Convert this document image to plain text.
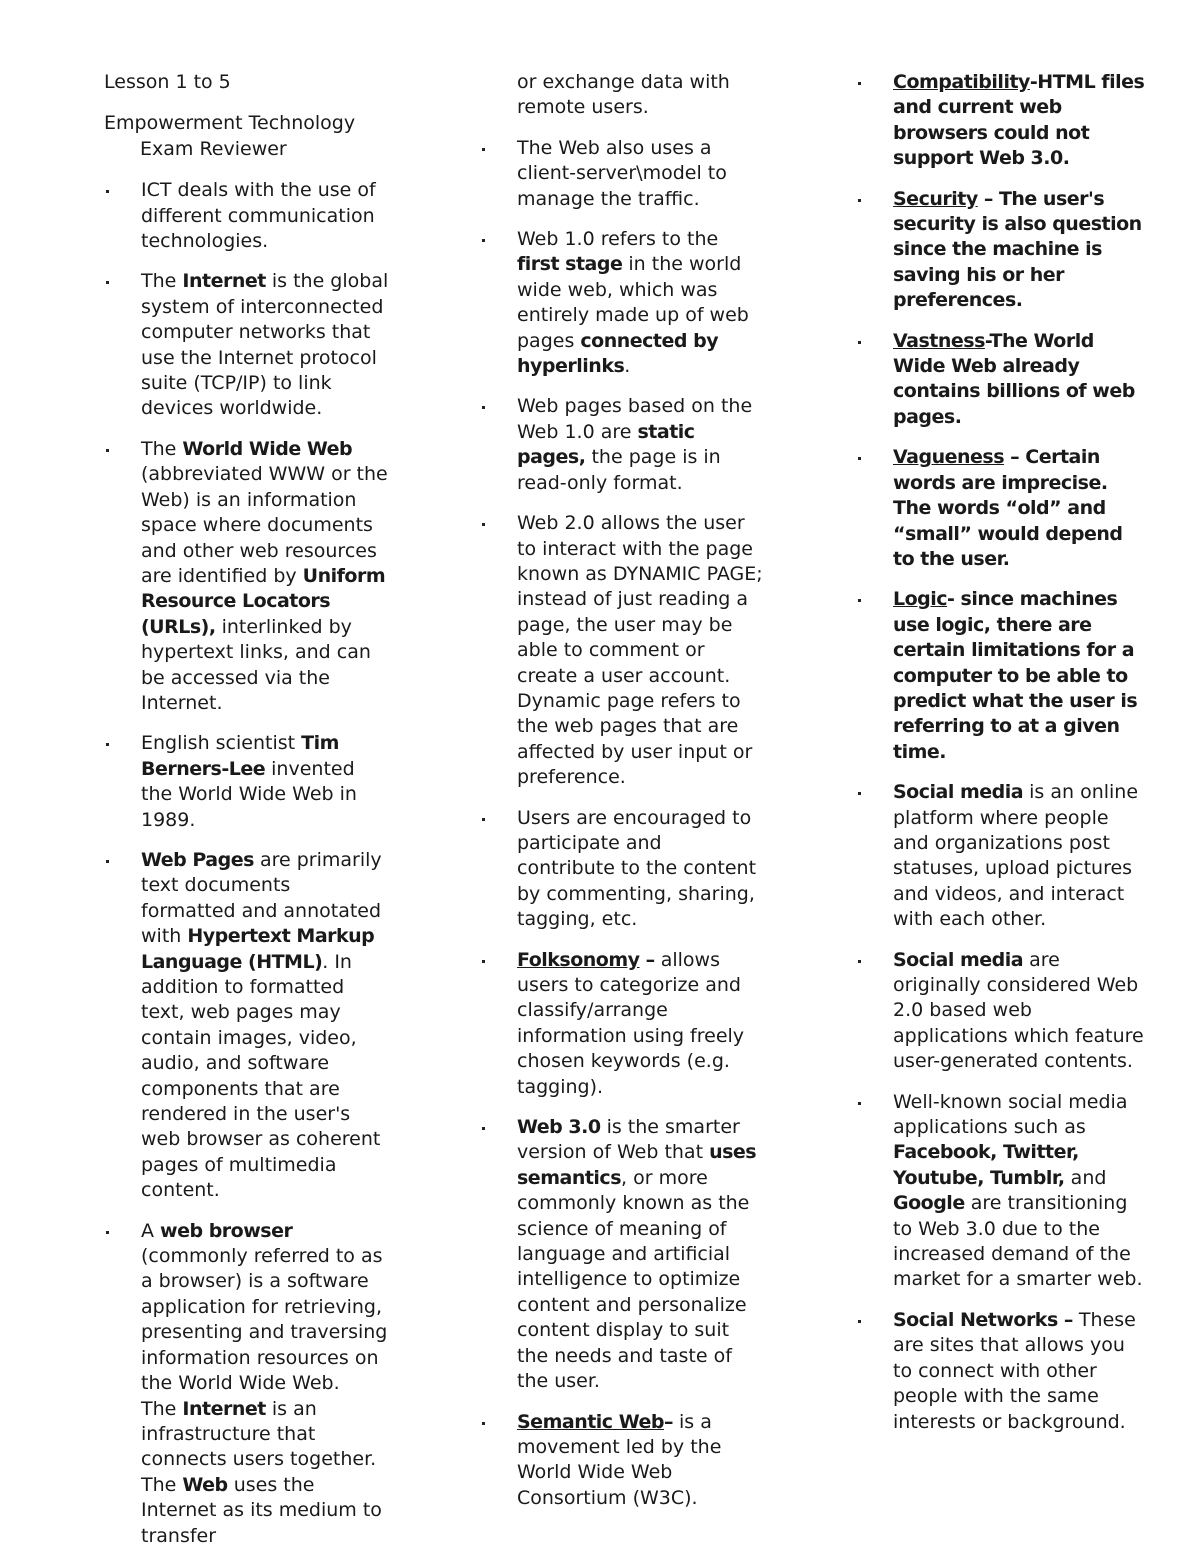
Lesson 1 to 5

Empowerment Technology
Exam Reviewer

ICT deals with the use of different communication technologies.
The Internet is the global system of interconnected computer networks that use the Internet protocol suite (TCP/IP) to link devices worldwide.
The World Wide Web (abbreviated WWW or the Web) is an information space where documents and other web resources are identified by Uniform Resource Locators (URLs), interlinked by hypertext links, and can be accessed via the Internet.
English scientist Tim Berners-Lee invented the World Wide Web in 1989.
Web Pages are primarily text documents formatted and annotated with Hypertext Markup Language (HTML). In addition to formatted text, web pages may contain images, video, audio, and software components that are rendered in the user's web browser as coherent pages of multimedia content.
A web browser (commonly referred to as a browser) is a software application for retrieving, presenting and traversing information resources on the World Wide Web.
The Internet is an infrastructure that connects users together. The Web uses the Internet as its medium to transfer

or exchange data with remote users.

The Web also uses a client-server\model to manage the traffic.
Web 1.0 refers to the first stage in the world wide web, which was entirely made up of web pages connected by hyperlinks.
Web pages based on the Web 1.0 are static pages, the page is in read-only format.
Web 2.0 allows the user to interact with the page known as DYNAMIC PAGE; instead of just reading a page, the user may be able to comment or create a user account. Dynamic page refers to the web pages that are affected by user input or preference.
Users are encouraged to participate and contribute to the content by commenting, sharing, tagging, etc.
Folksonomy – allows users to categorize and classify/arrange information using freely chosen keywords (e.g. tagging).
Web 3.0 is the smarter version of Web that uses semantics, or more commonly known as the science of meaning of language and artificial intelligence to optimize content and personalize content display to suit the needs and taste of the user.
Semantic Web– is a movement led by the World Wide Web Consortium (W3C).
Compatibility-HTML files and current web browsers could not support Web 3.0.
Security – The user's security is also question since the machine is saving his or her preferences.
Vastness-The World Wide Web already contains billions of web pages.
Vagueness – Certain words are imprecise. The words “old” and “small” would depend to the user.
Logic- since machines use logic, there are certain limitations for a computer to be able to predict what the user is referring to at a given time.
Social media is an online platform where people and organizations post statuses, upload pictures and videos, and interact with each other.
Social media are originally considered Web 2.0 based web applications which feature user-generated contents.
Well-known social media applications such as Facebook, Twitter, Youtube, Tumblr, and Google are transitioning to Web 3.0 due to the increased demand of the market for a smarter web.
Social Networks – These are sites that allows you to connect with other people with the same interests or background.
